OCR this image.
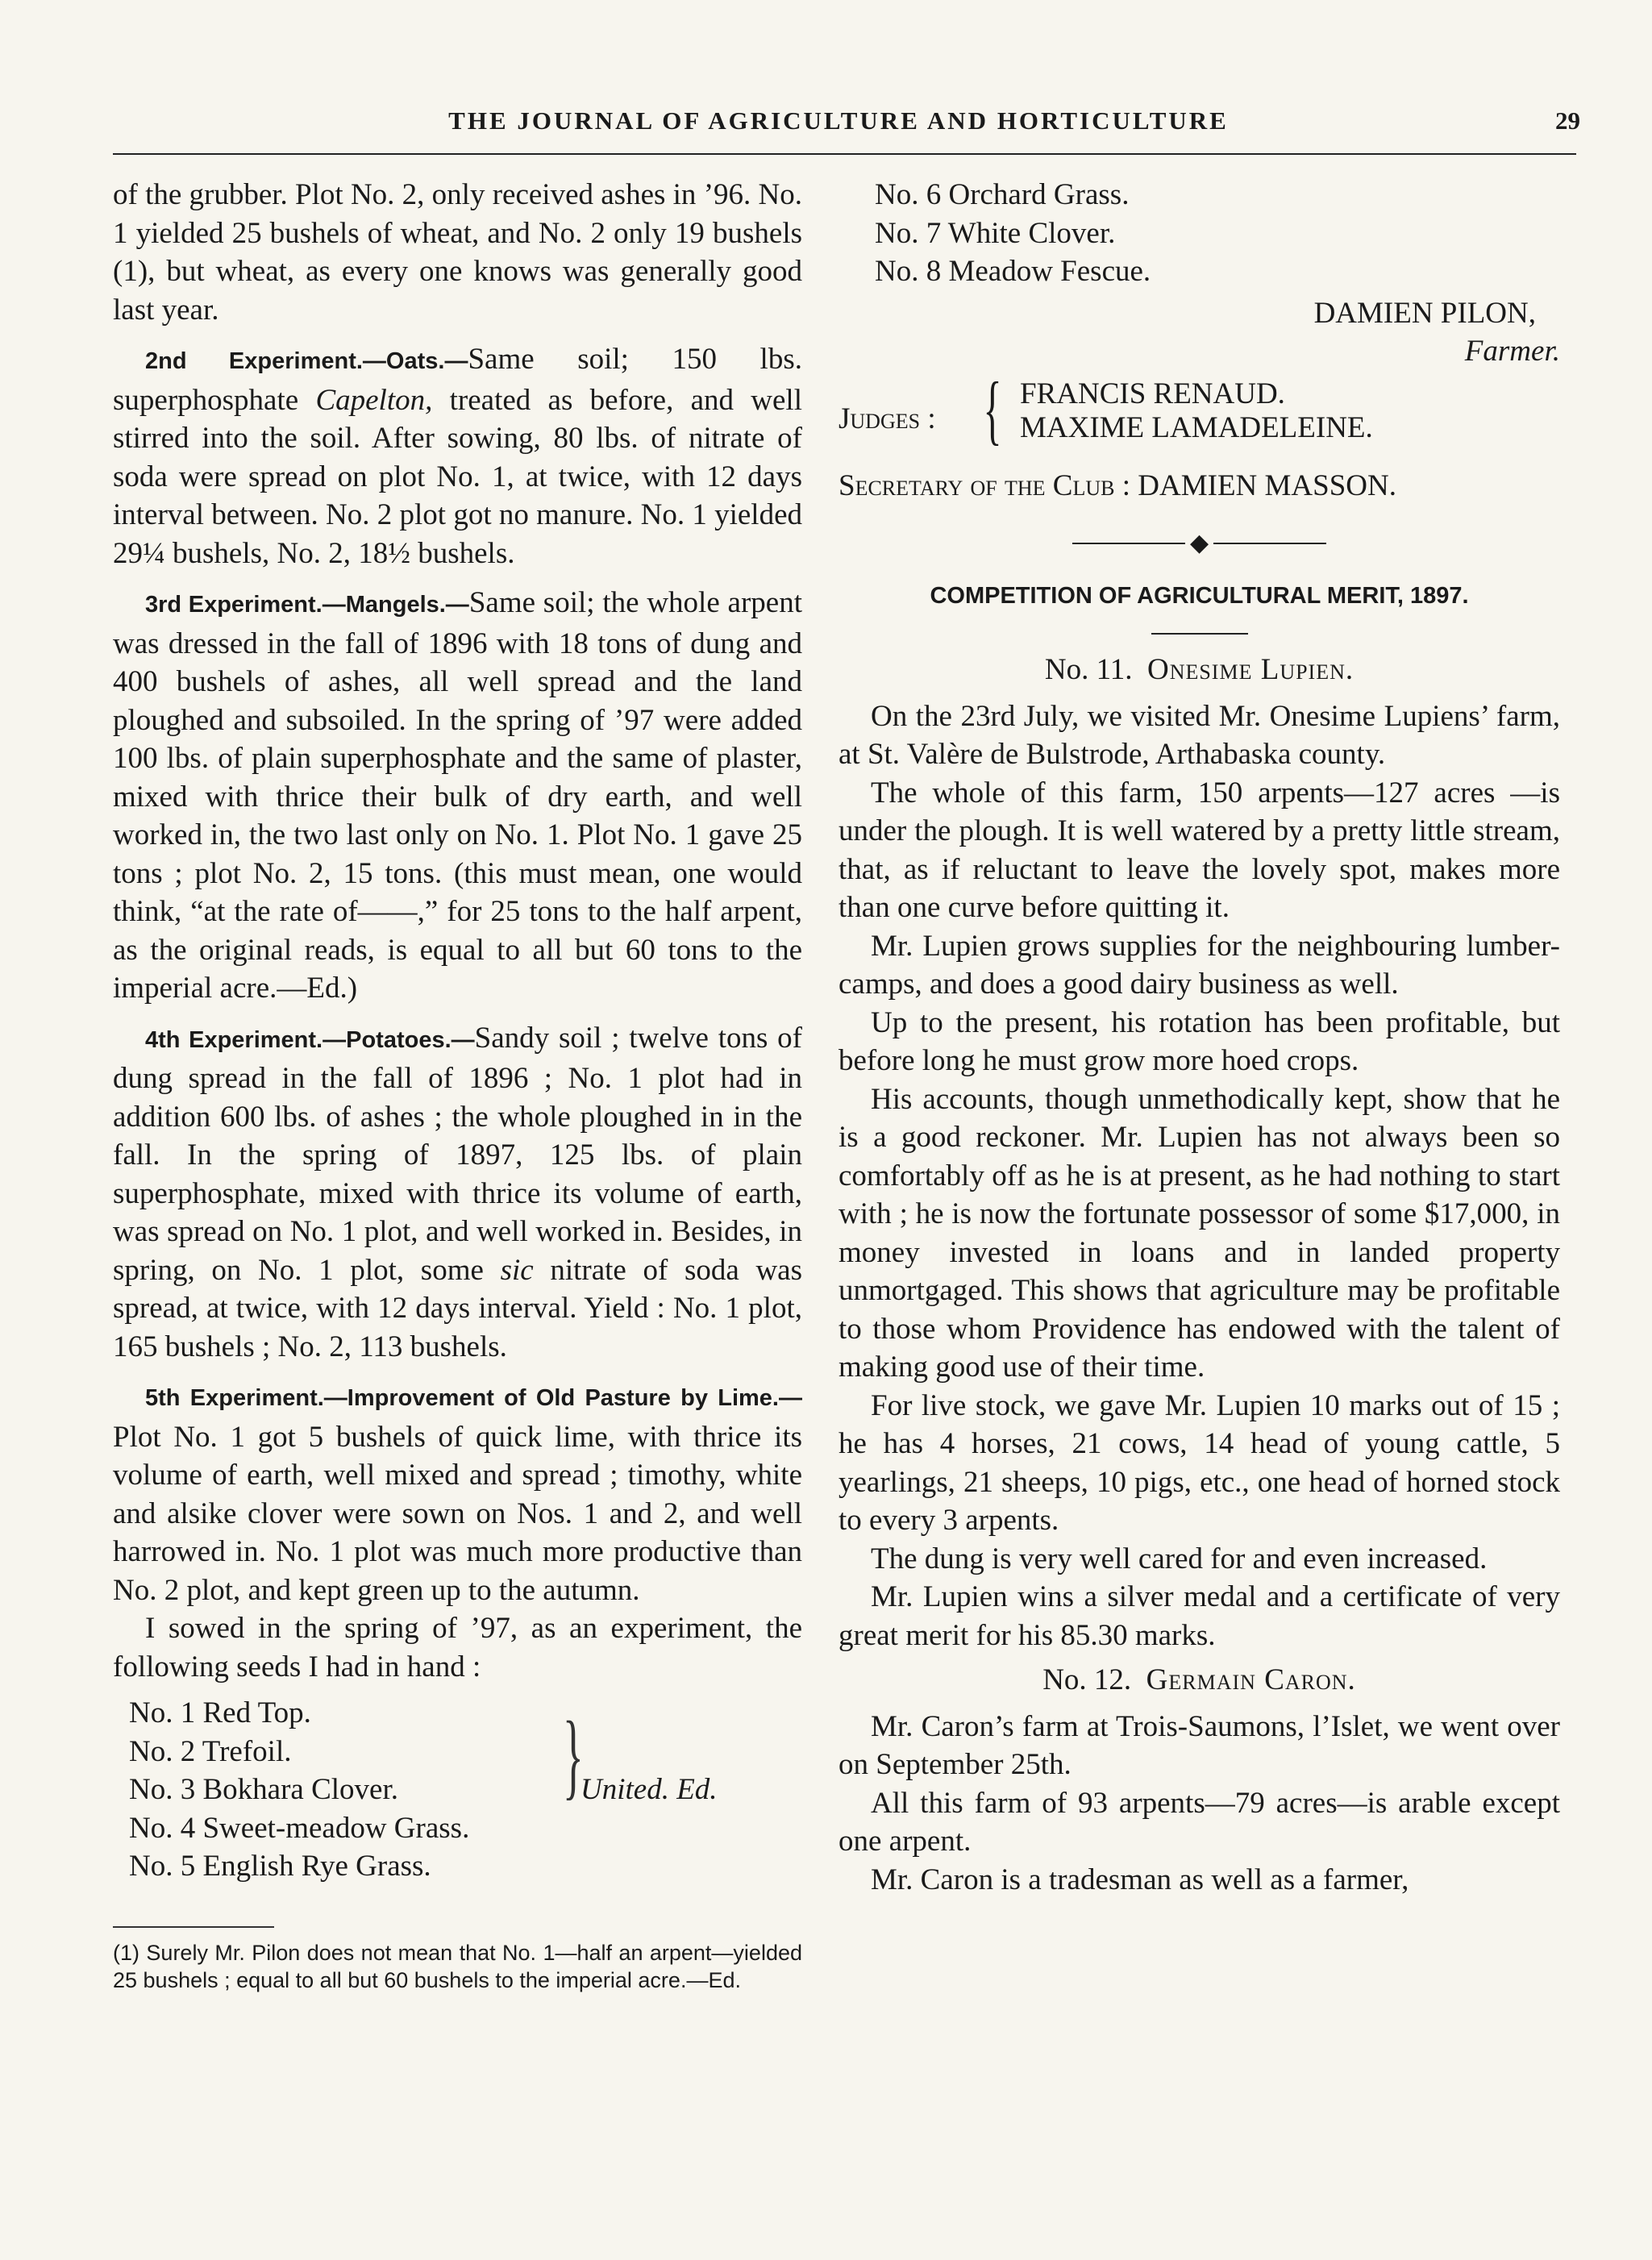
THE JOURNAL OF AGRICULTURE AND HORTICULTURE	29

of the grubber. Plot No. 2, only received ashes in ’96. No. 1 yielded 25 bushels of wheat, and No. 2 only 19 bushels (1), but wheat, as every one knows was generally good last year.

2nd Experiment.—Oats.—Same soil; 150 lbs. superphosphate Capelton, treated as before, and well stirred into the soil. After sowing, 80 lbs. of nitrate of soda were spread on plot No. 1, at twice, with 12 days interval between. No. 2 plot got no manure. No. 1 yielded 29¼ bushels, No. 2, 18½ bushels.

3rd Experiment.—Mangels.—Same soil; the whole arpent was dressed in the fall of 1896 with 18 tons of dung and 400 bushels of ashes, all well spread and the land ploughed and subsoiled. In the spring of ’97 were added 100 lbs. of plain superphosphate and the same of plaster, mixed with thrice their bulk of dry earth, and well worked in, the two last only on No. 1. Plot No. 1 gave 25 tons ; plot No. 2, 15 tons. (this must mean, one would think, “at the rate of——,” for 25 tons to the half arpent, as the original reads, is equal to all but 60 tons to the imperial acre.—Ed.)

4th Experiment.—Potatoes.—Sandy soil ; twelve tons of dung spread in the fall of 1896 ; No. 1 plot had in addition 600 lbs. of ashes ; the whole ploughed in in the fall. In the spring of 1897, 125 lbs. of plain superphosphate, mixed with thrice its volume of earth, was spread on No. 1 plot, and well worked in. Besides, in spring, on No. 1 plot, some sic nitrate of soda was spread, at twice, with 12 days interval. Yield : No. 1 plot, 165 bushels ; No. 2, 113 bushels.

5th Experiment.—Improvement of Old Pasture by Lime.—Plot No. 1 got 5 bushels of quick lime, with thrice its volume of earth, well mixed and spread ; timothy, white and alsike clover were sown on Nos. 1 and 2, and well harrowed in. No. 1 plot was much more productive than No. 2 plot, and kept green up to the autumn.

I sowed in the spring of ’97, as an experiment, the following seeds I had in hand :

No. 1 Red Top.
No. 2 Trefoil.
No. 3 Bokhara Clover.
No. 4 Sweet-meadow Grass.
No. 5 English Rye Grass.
}
United. Ed.
(1) Surely Mr. Pilon does not mean that No. 1—half an arpent—yielded 25 bushels ; equal to all but 60 bushels to the imperial acre.—Ed.
No. 6 Orchard Grass.
No. 7 White Clover.
No. 8 Meadow Fescue.
DAMIEN PILON,
Farmer.
Judges : { FRANCIS RENAUD.
MAXIME LAMADELEINE.
Secretary of the Club : DAMIEN MASSON.
◆
COMPETITION OF AGRICULTURAL MERIT, 1897.
No. 11. Onesime Lupien.

On the 23rd July, we visited Mr. Onesime Lupiens’ farm, at St. Valère de Bulstrode, Arthabaska county.

The whole of this farm, 150 arpents—127 acres —is under the plough. It is well watered by a pretty little stream, that, as if reluctant to leave the lovely spot, makes more than one curve before quitting it.

Mr. Lupien grows supplies for the neighbouring lumber-camps, and does a good dairy business as well.

Up to the present, his rotation has been profitable, but before long he must grow more hoed crops.

His accounts, though unmethodically kept, show that he is a good reckoner. Mr. Lupien has not always been so comfortably off as he is at present, as he had nothing to start with ; he is now the fortunate possessor of some $17,000, in money invested in loans and in landed property unmortgaged. This shows that agriculture may be profitable to those whom Providence has endowed with the talent of making good use of their time.

For live stock, we gave Mr. Lupien 10 marks out of 15 ; he has 4 horses, 21 cows, 14 head of young cattle, 5 yearlings, 21 sheeps, 10 pigs, etc., one head of horned stock to every 3 arpents.

The dung is very well cared for and even increased.

Mr. Lupien wins a silver medal and a certificate of very great merit for his 85.30 marks.

No. 12. Germain Caron.

Mr. Caron’s farm at Trois-Saumons, l’Islet, we went over on September 25th.

All this farm of 93 arpents—79 acres—is arable except one arpent.

Mr. Caron is a tradesman as well as a farmer,
